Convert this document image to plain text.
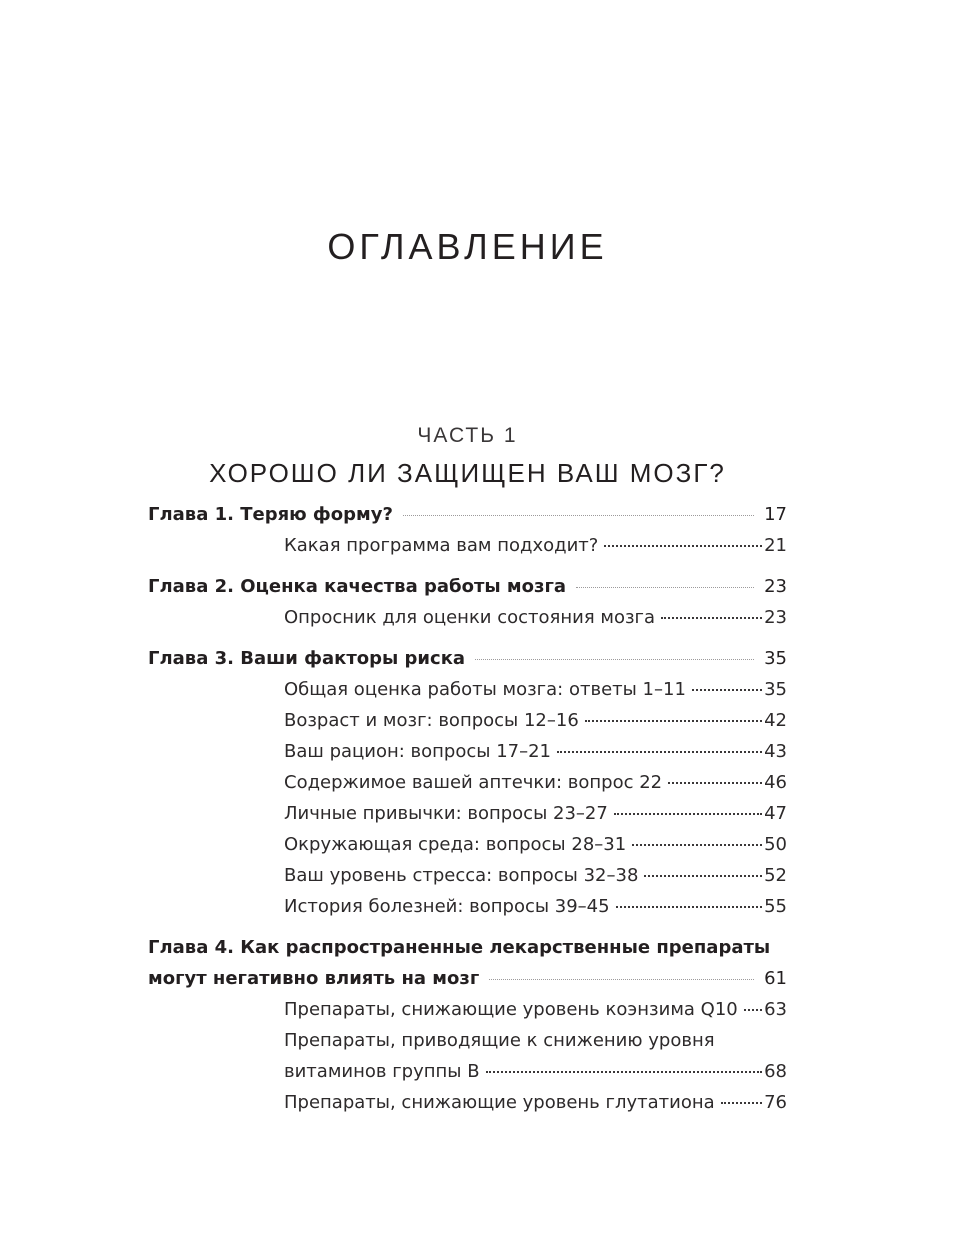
ОГЛАВЛЕНИЕ
ЧАСТЬ 1
ХОРОШО ЛИ ЗАЩИЩЕН ВАШ МОЗГ?
Глава 1. Теряю форму?	17
Какая программа вам подходит?	21
Глава 2. Оценка качества работы мозга	23
Опросник для оценки состояния мозга	23
Глава 3. Ваши факторы риска	35
Общая оценка работы мозга: ответы 1–11	35
Возраст и мозг: вопросы 12–16	42
Ваш рацион: вопросы 17–21	43
Содержимое вашей аптечки: вопрос 22	46
Личные привычки: вопросы 23–27	47
Окружающая среда: вопросы 28–31	50
Ваш уровень стресса: вопросы 32–38	52
История болезней: вопросы 39–45	55
Глава 4. Как распространенные лекарственные препараты
могут негативно влиять на мозг	61
Препараты, снижающие уровень коэнзима Q10 63
Препараты, приводящие к снижению уровня
витаминов группы В	68
Препараты, снижающие уровень глутатиона	76
